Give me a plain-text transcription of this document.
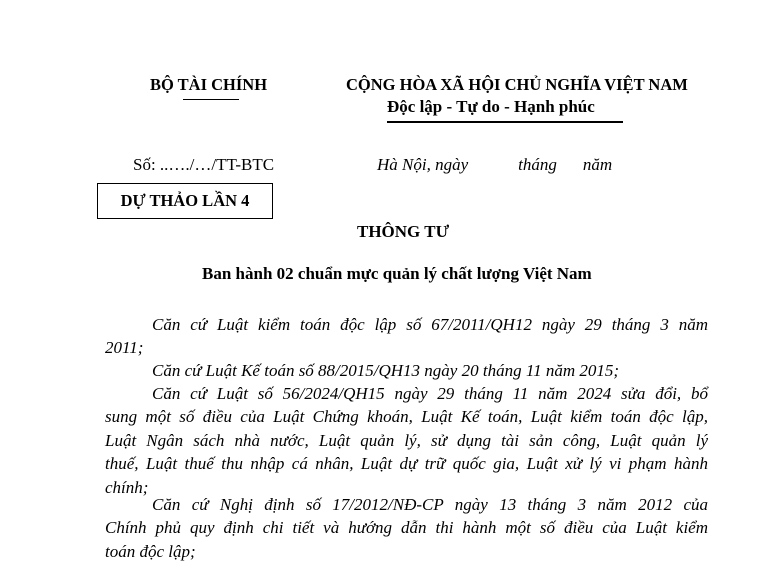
BỘ TÀI CHÍNH	CỘNG HÒA XÃ HỘI CHỦ NGHĨA VIỆT NAM
Độc lập - Tự do - Hạnh phúc
Số: ..…./…/TT-BTC	Hà Nội, ngày	tháng năm
DỰ THẢO LẦN 4
THÔNG TƯ
Ban hành 02 chuẩn mực quản lý chất lượng Việt Nam
Căn cứ Luật kiểm toán độc lập số 67/2011/QH12 ngày 29 tháng 3 năm
2011;
Căn cứ Luật Kế toán số 88/2015/QH13 ngày 20 tháng 11 năm 2015;
Căn cứ Luật số 56/2024/QH15 ngày 29 tháng 11 năm 2024 sửa đổi, bổ
sung một số điều của Luật Chứng khoán, Luật Kế toán, Luật kiểm toán độc lập,
Luật Ngân sách nhà nước, Luật quản lý, sử dụng tài sản công, Luật quản lý
thuế, Luật thuế thu nhập cá nhân, Luật dự trữ quốc gia, Luật xử lý vi phạm hành
chính;
Căn cứ Nghị định số 17/2012/NĐ-CP ngày 13 tháng 3 năm 2012 của
Chính phủ quy định chi tiết và hướng dẫn thi hành một số điều của Luật kiểm
toán độc lập;
